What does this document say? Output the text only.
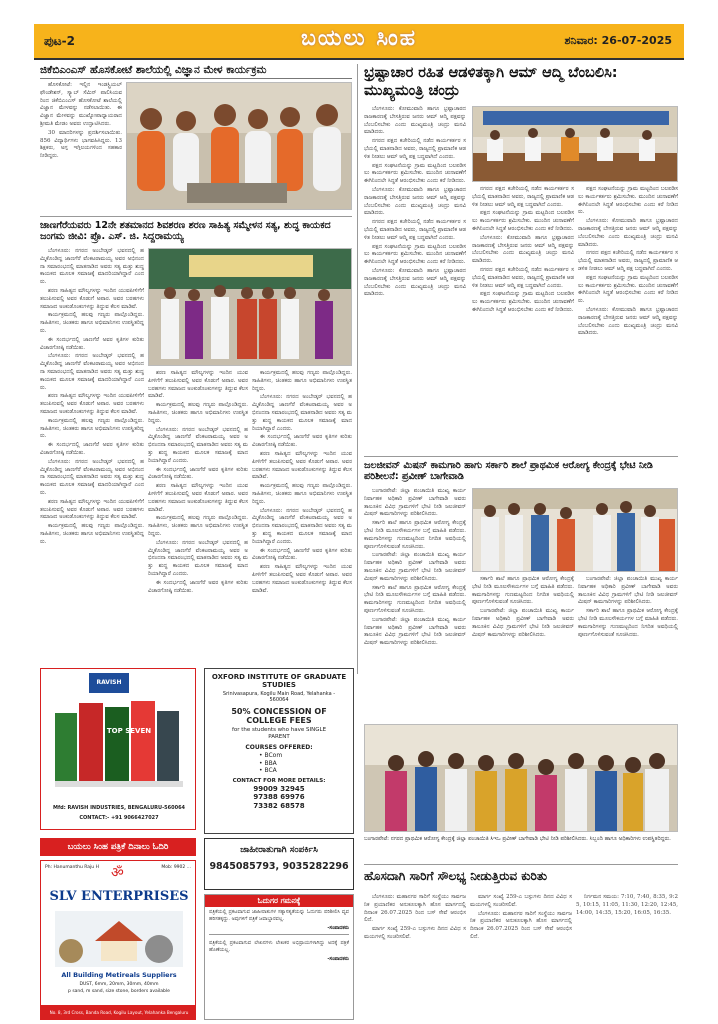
ಪುಟ-2	ಬಯಲು ಸಿಂಹ	ಶನಿವಾರ: 26-07-2025
ಜಿಕೆಬಿಎಂಎಸ್ ಹೊಸಕೋಟೆ ಶಾಲೆಯಲ್ಲಿ ವಿಜ್ಞಾನ ಮೇಳ ಕಾರ್ಯಕ್ರಮ

ಹೊಸಕೋಟೆ: ಇಲ್ಲಿನ ಇಂಡಸ್ಟ್ರಿಯಲ್ ಫೌಂಡೇಶನ್, ಸ್ಕ್ಯಾಬ್ ಸೆಮಿನ್ ಪಾಲಿಸಿಯವರಿಂದ ಜಿಕೆಬಿಎಂಎಸ್ ಹೊಸಕೋಟೆ ಶಾಲೆಯಲ್ಲಿ ವಿಜ್ಞಾನ ಮೇಳವನ್ನು ನಡೆಸಲಾಯಿತು. ಈ ವಿಜ್ಞಾನ ಮೇಳವನ್ನು ಮುಖ್ಯೋಪಾಧ್ಯಾಯರಾದ ಶ್ರೀಮತಿ ಮೇಡಂ ಅವರು ಉದ್ಘಾಟಿಸಿದರು.

30 ಮಾದರಿಗಳನ್ನು ಪ್ರದರ್ಶಿಸಲಾಯಿತು. 856 ವಿದ್ಯಾರ್ಥಿಗಳು ಭಾಗವಹಿಸಿದ್ದರು. 13 ಶಿಕ್ಷಕರು, ಅಗ್ಗ ಇಗ್ಗಿಲಯಗಳಿಂದ ಸಹಕಾರ ನೀಡಿದ್ದರು.

ಜಾಣಗೆರೆಯವರು 12ನೇ ಶತಮಾನದ ಶಿವಶರಣ ಶರಣ ಸಾಹಿತ್ಯ ಸಮ್ಮೇಳನ ಸತ್ಯ, ಶುದ್ಧ ಕಾಯಕದ ಜಂಗಮ ಜೀವಿ: ಪ್ರೊ. ಎಸ್. ಜಿ. ಸಿದ್ದರಾಮಯ್ಯ

ಬೆಂಗಳೂರು: ನಗರದ ಅಂಬೇಡ್ಕರ್ ಭವನದಲ್ಲಿ ಹಮ್ಮಿಕೊಂಡಿದ್ದ ಜಾಣಗೆರೆ ವೆಂಕಟರಾಮಯ್ಯ ಅವರ ಅಭಿನಂದನಾ ಸಮಾರಂಭದಲ್ಲಿ ಮಾತನಾಡಿದ ಅವರು ಸತ್ಯ ಮತ್ತು ಶುದ್ಧ ಕಾಯಕದ ಮೂಲಕ ಸಮಾಜಕ್ಕೆ ಮಾದರಿಯಾಗಿದ್ದಾರೆ ಎಂದರು.

ಶರಣ ಸಾಹಿತ್ಯದ ಮೌಲ್ಯಗಳನ್ನು ಇಂದಿನ ಯುವಪೀಳಿಗೆಗೆ ತಲುಪಿಸುವಲ್ಲಿ ಅವರ ಕೊಡುಗೆ ಅಪಾರ. ಅವರ ಬರಹಗಳು ಸಮಾಜದ ಅಂಕುಡೊಂಕುಗಳನ್ನು ತಿದ್ದುವ ಕೆಲಸ ಮಾಡಿವೆ.

ಕಾರ್ಯಕ್ರಮದಲ್ಲಿ ಹಲವು ಗಣ್ಯರು ಪಾಲ್ಗೊಂಡಿದ್ದರು. ಸಾಹಿತಿಗಳು, ಚಿಂತಕರು ಹಾಗೂ ಅಭಿಮಾನಿಗಳು ಉಪಸ್ಥಿತರಿದ್ದರು.

ಈ ಸಂದರ್ಭದಲ್ಲಿ ಜಾಣಗೆರೆ ಅವರ ಕೃತಿಗಳ ಕುರಿತು ವಿಚಾರಗೋಷ್ಠಿ ನಡೆಯಿತು.

ಬೆಂಗಳೂರು: ನಗರದ ಅಂಬೇಡ್ಕರ್ ಭವನದಲ್ಲಿ ಹಮ್ಮಿಕೊಂಡಿದ್ದ ಜಾಣಗೆರೆ ವೆಂಕಟರಾಮಯ್ಯ ಅವರ ಅಭಿನಂದನಾ ಸಮಾರಂಭದಲ್ಲಿ ಮಾತನಾಡಿದ ಅವರು ಸತ್ಯ ಮತ್ತು ಶುದ್ಧ ಕಾಯಕದ ಮೂಲಕ ಸಮಾಜಕ್ಕೆ ಮಾದರಿಯಾಗಿದ್ದಾರೆ ಎಂದರು.

ಶರಣ ಸಾಹಿತ್ಯದ ಮೌಲ್ಯಗಳನ್ನು ಇಂದಿನ ಯುವಪೀಳಿಗೆಗೆ ತಲುಪಿಸುವಲ್ಲಿ ಅವರ ಕೊಡುಗೆ ಅಪಾರ. ಅವರ ಬರಹಗಳು ಸಮಾಜದ ಅಂಕುಡೊಂಕುಗಳನ್ನು ತಿದ್ದುವ ಕೆಲಸ ಮಾಡಿವೆ.

ಕಾರ್ಯಕ್ರಮದಲ್ಲಿ ಹಲವು ಗಣ್ಯರು ಪಾಲ್ಗೊಂಡಿದ್ದರು. ಸಾಹಿತಿಗಳು, ಚಿಂತಕರು ಹಾಗೂ ಅಭಿಮಾನಿಗಳು ಉಪಸ್ಥಿತರಿದ್ದರು.

ಈ ಸಂದರ್ಭದಲ್ಲಿ ಜಾಣಗೆರೆ ಅವರ ಕೃತಿಗಳ ಕುರಿತು ವಿಚಾರಗೋಷ್ಠಿ ನಡೆಯಿತು.

ಬೆಂಗಳೂರು: ನಗರದ ಅಂಬೇಡ್ಕರ್ ಭವನದಲ್ಲಿ ಹಮ್ಮಿಕೊಂಡಿದ್ದ ಜಾಣಗೆರೆ ವೆಂಕಟರಾಮಯ್ಯ ಅವರ ಅಭಿನಂದನಾ ಸಮಾರಂಭದಲ್ಲಿ ಮಾತನಾಡಿದ ಅವರು ಸತ್ಯ ಮತ್ತು ಶುದ್ಧ ಕಾಯಕದ ಮೂಲಕ ಸಮಾಜಕ್ಕೆ ಮಾದರಿಯಾಗಿದ್ದಾರೆ ಎಂದರು.

ಶರಣ ಸಾಹಿತ್ಯದ ಮೌಲ್ಯಗಳನ್ನು ಇಂದಿನ ಯುವಪೀಳಿಗೆಗೆ ತಲುಪಿಸುವಲ್ಲಿ ಅವರ ಕೊಡುಗೆ ಅಪಾರ. ಅವರ ಬರಹಗಳು ಸಮಾಜದ ಅಂಕುಡೊಂಕುಗಳನ್ನು ತಿದ್ದುವ ಕೆಲಸ ಮಾಡಿವೆ.

ಕಾರ್ಯಕ್ರಮದಲ್ಲಿ ಹಲವು ಗಣ್ಯರು ಪಾಲ್ಗೊಂಡಿದ್ದರು. ಸಾಹಿತಿಗಳು, ಚಿಂತಕರು ಹಾಗೂ ಅಭಿಮಾನಿಗಳು ಉಪಸ್ಥಿತರಿದ್ದರು.

ಶರಣ ಸಾಹಿತ್ಯದ ಮೌಲ್ಯಗಳನ್ನು ಇಂದಿನ ಯುವಪೀಳಿಗೆಗೆ ತಲುಪಿಸುವಲ್ಲಿ ಅವರ ಕೊಡುಗೆ ಅಪಾರ. ಅವರ ಬರಹಗಳು ಸಮಾಜದ ಅಂಕುಡೊಂಕುಗಳನ್ನು ತಿದ್ದುವ ಕೆಲಸ ಮಾಡಿವೆ.

ಕಾರ್ಯಕ್ರಮದಲ್ಲಿ ಹಲವು ಗಣ್ಯರು ಪಾಲ್ಗೊಂಡಿದ್ದರು. ಸಾಹಿತಿಗಳು, ಚಿಂತಕರು ಹಾಗೂ ಅಭಿಮಾನಿಗಳು ಉಪಸ್ಥಿತರಿದ್ದರು.

ಬೆಂಗಳೂರು: ನಗರದ ಅಂಬೇಡ್ಕರ್ ಭವನದಲ್ಲಿ ಹಮ್ಮಿಕೊಂಡಿದ್ದ ಜಾಣಗೆರೆ ವೆಂಕಟರಾಮಯ್ಯ ಅವರ ಅಭಿನಂದನಾ ಸಮಾರಂಭದಲ್ಲಿ ಮಾತನಾಡಿದ ಅವರು ಸತ್ಯ ಮತ್ತು ಶುದ್ಧ ಕಾಯಕದ ಮೂಲಕ ಸಮಾಜಕ್ಕೆ ಮಾದರಿಯಾಗಿದ್ದಾರೆ ಎಂದರು.

ಈ ಸಂದರ್ಭದಲ್ಲಿ ಜಾಣಗೆರೆ ಅವರ ಕೃತಿಗಳ ಕುರಿತು ವಿಚಾರಗೋಷ್ಠಿ ನಡೆಯಿತು.

ಶರಣ ಸಾಹಿತ್ಯದ ಮೌಲ್ಯಗಳನ್ನು ಇಂದಿನ ಯುವಪೀಳಿಗೆಗೆ ತಲುಪಿಸುವಲ್ಲಿ ಅವರ ಕೊಡುಗೆ ಅಪಾರ. ಅವರ ಬರಹಗಳು ಸಮಾಜದ ಅಂಕುಡೊಂಕುಗಳನ್ನು ತಿದ್ದುವ ಕೆಲಸ ಮಾಡಿವೆ.

ಕಾರ್ಯಕ್ರಮದಲ್ಲಿ ಹಲವು ಗಣ್ಯರು ಪಾಲ್ಗೊಂಡಿದ್ದರು. ಸಾಹಿತಿಗಳು, ಚಿಂತಕರು ಹಾಗೂ ಅಭಿಮಾನಿಗಳು ಉಪಸ್ಥಿತರಿದ್ದರು.

ಬೆಂಗಳೂರು: ನಗರದ ಅಂಬೇಡ್ಕರ್ ಭವನದಲ್ಲಿ ಹಮ್ಮಿಕೊಂಡಿದ್ದ ಜಾಣಗೆರೆ ವೆಂಕಟರಾಮಯ್ಯ ಅವರ ಅಭಿನಂದನಾ ಸಮಾರಂಭದಲ್ಲಿ ಮಾತನಾಡಿದ ಅವರು ಸತ್ಯ ಮತ್ತು ಶುದ್ಧ ಕಾಯಕದ ಮೂಲಕ ಸಮಾಜಕ್ಕೆ ಮಾದರಿಯಾಗಿದ್ದಾರೆ ಎಂದರು.

ಈ ಸಂದರ್ಭದಲ್ಲಿ ಜಾಣಗೆರೆ ಅವರ ಕೃತಿಗಳ ಕುರಿತು ವಿಚಾರಗೋಷ್ಠಿ ನಡೆಯಿತು.

ಕಾರ್ಯಕ್ರಮದಲ್ಲಿ ಹಲವು ಗಣ್ಯರು ಪಾಲ್ಗೊಂಡಿದ್ದರು. ಸಾಹಿತಿಗಳು, ಚಿಂತಕರು ಹಾಗೂ ಅಭಿಮಾನಿಗಳು ಉಪಸ್ಥಿತರಿದ್ದರು.

ಬೆಂಗಳೂರು: ನಗರದ ಅಂಬೇಡ್ಕರ್ ಭವನದಲ್ಲಿ ಹಮ್ಮಿಕೊಂಡಿದ್ದ ಜಾಣಗೆರೆ ವೆಂಕಟರಾಮಯ್ಯ ಅವರ ಅಭಿನಂದನಾ ಸಮಾರಂಭದಲ್ಲಿ ಮಾತನಾಡಿದ ಅವರು ಸತ್ಯ ಮತ್ತು ಶುದ್ಧ ಕಾಯಕದ ಮೂಲಕ ಸಮಾಜಕ್ಕೆ ಮಾದರಿಯಾಗಿದ್ದಾರೆ ಎಂದರು.

ಈ ಸಂದರ್ಭದಲ್ಲಿ ಜಾಣಗೆರೆ ಅವರ ಕೃತಿಗಳ ಕುರಿತು ವಿಚಾರಗೋಷ್ಠಿ ನಡೆಯಿತು.

ಶರಣ ಸಾಹಿತ್ಯದ ಮೌಲ್ಯಗಳನ್ನು ಇಂದಿನ ಯುವಪೀಳಿಗೆಗೆ ತಲುಪಿಸುವಲ್ಲಿ ಅವರ ಕೊಡುಗೆ ಅಪಾರ. ಅವರ ಬರಹಗಳು ಸಮಾಜದ ಅಂಕುಡೊಂಕುಗಳನ್ನು ತಿದ್ದುವ ಕೆಲಸ ಮಾಡಿವೆ.

ಕಾರ್ಯಕ್ರಮದಲ್ಲಿ ಹಲವು ಗಣ್ಯರು ಪಾಲ್ಗೊಂಡಿದ್ದರು. ಸಾಹಿತಿಗಳು, ಚಿಂತಕರು ಹಾಗೂ ಅಭಿಮಾನಿಗಳು ಉಪಸ್ಥಿತರಿದ್ದರು.

ಬೆಂಗಳೂರು: ನಗರದ ಅಂಬೇಡ್ಕರ್ ಭವನದಲ್ಲಿ ಹಮ್ಮಿಕೊಂಡಿದ್ದ ಜಾಣಗೆರೆ ವೆಂಕಟರಾಮಯ್ಯ ಅವರ ಅಭಿನಂದನಾ ಸಮಾರಂಭದಲ್ಲಿ ಮಾತನಾಡಿದ ಅವರು ಸತ್ಯ ಮತ್ತು ಶುದ್ಧ ಕಾಯಕದ ಮೂಲಕ ಸಮಾಜಕ್ಕೆ ಮಾದರಿಯಾಗಿದ್ದಾರೆ ಎಂದರು.

ಈ ಸಂದರ್ಭದಲ್ಲಿ ಜಾಣಗೆರೆ ಅವರ ಕೃತಿಗಳ ಕುರಿತು ವಿಚಾರಗೋಷ್ಠಿ ನಡೆಯಿತು.

ಶರಣ ಸಾಹಿತ್ಯದ ಮೌಲ್ಯಗಳನ್ನು ಇಂದಿನ ಯುವಪೀಳಿಗೆಗೆ ತಲುಪಿಸುವಲ್ಲಿ ಅವರ ಕೊಡುಗೆ ಅಪಾರ. ಅವರ ಬರಹಗಳು ಸಮಾಜದ ಅಂಕುಡೊಂಕುಗಳನ್ನು ತಿದ್ದುವ ಕೆಲಸ ಮಾಡಿವೆ.

ಭ್ರಷ್ಟಾಚಾರ ರಹಿತ ಆಡಳಿತಕ್ಕಾಗಿ ಆಮ್ ಆದ್ಮಿ ಬೆಂಬಲಿಸಿ: ಮುಖ್ಯಮಂತ್ರಿ ಚಂದ್ರು

ಬೆಂಗಳೂರು: ಕೋಮುವಾದಿ ಹಾಗೂ ಭ್ರಷ್ಟಾಚಾರದ ರಾಜಕಾರಣಕ್ಕೆ ಬೇಸತ್ತಿರುವ ಜನರು ಆಮ್ ಆದ್ಮಿ ಪಕ್ಷವನ್ನು ಬೆಂಬಲಿಸಬೇಕು ಎಂದು ಮುಖ್ಯಮಂತ್ರಿ ಚಂದ್ರು ಮನವಿ ಮಾಡಿದರು.

ನಗರದ ಪಕ್ಷದ ಕಚೇರಿಯಲ್ಲಿ ನಡೆದ ಕಾರ್ಯಕರ್ತರ ಸಭೆಯಲ್ಲಿ ಮಾತನಾಡಿದ ಅವರು, ರಾಜ್ಯದಲ್ಲಿ ಪ್ರಾಮಾಣಿಕ ಆಡಳಿತ ನೀಡಲು ಆಮ್ ಆದ್ಮಿ ಪಕ್ಷ ಬದ್ಧವಾಗಿದೆ ಎಂದರು.

ಪಕ್ಷದ ಸಂಘಟನೆಯನ್ನು ಗ್ರಾಮ ಮಟ್ಟದಿಂದ ಬಲಪಡಿಸಲು ಕಾರ್ಯಕರ್ತರು ಶ್ರಮಿಸಬೇಕು. ಮುಂದಿನ ಚುನಾವಣೆಗೆ ಈಗಿನಿಂದಲೇ ಸಿದ್ಧತೆ ಆರಂಭಿಸಬೇಕು ಎಂದು ಕರೆ ನೀಡಿದರು.

ಬೆಂಗಳೂರು: ಕೋಮುವಾದಿ ಹಾಗೂ ಭ್ರಷ್ಟಾಚಾರದ ರಾಜಕಾರಣಕ್ಕೆ ಬೇಸತ್ತಿರುವ ಜನರು ಆಮ್ ಆದ್ಮಿ ಪಕ್ಷವನ್ನು ಬೆಂಬಲಿಸಬೇಕು ಎಂದು ಮುಖ್ಯಮಂತ್ರಿ ಚಂದ್ರು ಮನವಿ ಮಾಡಿದರು.

ನಗರದ ಪಕ್ಷದ ಕಚೇರಿಯಲ್ಲಿ ನಡೆದ ಕಾರ್ಯಕರ್ತರ ಸಭೆಯಲ್ಲಿ ಮಾತನಾಡಿದ ಅವರು, ರಾಜ್ಯದಲ್ಲಿ ಪ್ರಾಮಾಣಿಕ ಆಡಳಿತ ನೀಡಲು ಆಮ್ ಆದ್ಮಿ ಪಕ್ಷ ಬದ್ಧವಾಗಿದೆ ಎಂದರು.

ಪಕ್ಷದ ಸಂಘಟನೆಯನ್ನು ಗ್ರಾಮ ಮಟ್ಟದಿಂದ ಬಲಪಡಿಸಲು ಕಾರ್ಯಕರ್ತರು ಶ್ರಮಿಸಬೇಕು. ಮುಂದಿನ ಚುನಾವಣೆಗೆ ಈಗಿನಿಂದಲೇ ಸಿದ್ಧತೆ ಆರಂಭಿಸಬೇಕು ಎಂದು ಕರೆ ನೀಡಿದರು.

ಬೆಂಗಳೂರು: ಕೋಮುವಾದಿ ಹಾಗೂ ಭ್ರಷ್ಟಾಚಾರದ ರಾಜಕಾರಣಕ್ಕೆ ಬೇಸತ್ತಿರುವ ಜನರು ಆಮ್ ಆದ್ಮಿ ಪಕ್ಷವನ್ನು ಬೆಂಬಲಿಸಬೇಕು ಎಂದು ಮುಖ್ಯಮಂತ್ರಿ ಚಂದ್ರು ಮನವಿ ಮಾಡಿದರು.

ನಗರದ ಪಕ್ಷದ ಕಚೇರಿಯಲ್ಲಿ ನಡೆದ ಕಾರ್ಯಕರ್ತರ ಸಭೆಯಲ್ಲಿ ಮಾತನಾಡಿದ ಅವರು, ರಾಜ್ಯದಲ್ಲಿ ಪ್ರಾಮಾಣಿಕ ಆಡಳಿತ ನೀಡಲು ಆಮ್ ಆದ್ಮಿ ಪಕ್ಷ ಬದ್ಧವಾಗಿದೆ ಎಂದರು.

ಪಕ್ಷದ ಸಂಘಟನೆಯನ್ನು ಗ್ರಾಮ ಮಟ್ಟದಿಂದ ಬಲಪಡಿಸಲು ಕಾರ್ಯಕರ್ತರು ಶ್ರಮಿಸಬೇಕು. ಮುಂದಿನ ಚುನಾವಣೆಗೆ ಈಗಿನಿಂದಲೇ ಸಿದ್ಧತೆ ಆರಂಭಿಸಬೇಕು ಎಂದು ಕರೆ ನೀಡಿದರು.

ಬೆಂಗಳೂರು: ಕೋಮುವಾದಿ ಹಾಗೂ ಭ್ರಷ್ಟಾಚಾರದ ರಾಜಕಾರಣಕ್ಕೆ ಬೇಸತ್ತಿರುವ ಜನರು ಆಮ್ ಆದ್ಮಿ ಪಕ್ಷವನ್ನು ಬೆಂಬಲಿಸಬೇಕು ಎಂದು ಮುಖ್ಯಮಂತ್ರಿ ಚಂದ್ರು ಮನವಿ ಮಾಡಿದರು.

ನಗರದ ಪಕ್ಷದ ಕಚೇರಿಯಲ್ಲಿ ನಡೆದ ಕಾರ್ಯಕರ್ತರ ಸಭೆಯಲ್ಲಿ ಮಾತನಾಡಿದ ಅವರು, ರಾಜ್ಯದಲ್ಲಿ ಪ್ರಾಮಾಣಿಕ ಆಡಳಿತ ನೀಡಲು ಆಮ್ ಆದ್ಮಿ ಪಕ್ಷ ಬದ್ಧವಾಗಿದೆ ಎಂದರು.

ಪಕ್ಷದ ಸಂಘಟನೆಯನ್ನು ಗ್ರಾಮ ಮಟ್ಟದಿಂದ ಬಲಪಡಿಸಲು ಕಾರ್ಯಕರ್ತರು ಶ್ರಮಿಸಬೇಕು. ಮುಂದಿನ ಚುನಾವಣೆಗೆ ಈಗಿನಿಂದಲೇ ಸಿದ್ಧತೆ ಆರಂಭಿಸಬೇಕು ಎಂದು ಕರೆ ನೀಡಿದರು.

ಪಕ್ಷದ ಸಂಘಟನೆಯನ್ನು ಗ್ರಾಮ ಮಟ್ಟದಿಂದ ಬಲಪಡಿಸಲು ಕಾರ್ಯಕರ್ತರು ಶ್ರಮಿಸಬೇಕು. ಮುಂದಿನ ಚುನಾವಣೆಗೆ ಈಗಿನಿಂದಲೇ ಸಿದ್ಧತೆ ಆರಂಭಿಸಬೇಕು ಎಂದು ಕರೆ ನೀಡಿದರು.

ಬೆಂಗಳೂರು: ಕೋಮುವಾದಿ ಹಾಗೂ ಭ್ರಷ್ಟಾಚಾರದ ರಾಜಕಾರಣಕ್ಕೆ ಬೇಸತ್ತಿರುವ ಜನರು ಆಮ್ ಆದ್ಮಿ ಪಕ್ಷವನ್ನು ಬೆಂಬಲಿಸಬೇಕು ಎಂದು ಮುಖ್ಯಮಂತ್ರಿ ಚಂದ್ರು ಮನವಿ ಮಾಡಿದರು.

ನಗರದ ಪಕ್ಷದ ಕಚೇರಿಯಲ್ಲಿ ನಡೆದ ಕಾರ್ಯಕರ್ತರ ಸಭೆಯಲ್ಲಿ ಮಾತನಾಡಿದ ಅವರು, ರಾಜ್ಯದಲ್ಲಿ ಪ್ರಾಮಾಣಿಕ ಆಡಳಿತ ನೀಡಲು ಆಮ್ ಆದ್ಮಿ ಪಕ್ಷ ಬದ್ಧವಾಗಿದೆ ಎಂದರು.

ಪಕ್ಷದ ಸಂಘಟನೆಯನ್ನು ಗ್ರಾಮ ಮಟ್ಟದಿಂದ ಬಲಪಡಿಸಲು ಕಾರ್ಯಕರ್ತರು ಶ್ರಮಿಸಬೇಕು. ಮುಂದಿನ ಚುನಾವಣೆಗೆ ಈಗಿನಿಂದಲೇ ಸಿದ್ಧತೆ ಆರಂಭಿಸಬೇಕು ಎಂದು ಕರೆ ನೀಡಿದರು.

ಬೆಂಗಳೂರು: ಕೋಮುವಾದಿ ಹಾಗೂ ಭ್ರಷ್ಟಾಚಾರದ ರಾಜಕಾರಣಕ್ಕೆ ಬೇಸತ್ತಿರುವ ಜನರು ಆಮ್ ಆದ್ಮಿ ಪಕ್ಷವನ್ನು ಬೆಂಬಲಿಸಬೇಕು ಎಂದು ಮುಖ್ಯಮಂತ್ರಿ ಚಂದ್ರು ಮನವಿ ಮಾಡಿದರು.

ಜಲಜೀವನ್ ಮಿಷನ್ ಕಾಮಗಾರಿ ಹಾಗು ಸರ್ಕಾರಿ ಶಾಲೆ ಪ್ರಾಥಮಿಕ ಆರೋಗ್ಯ ಕೇಂದ್ರಕ್ಕೆ ಭೇಟಿ ನೀಡಿ ಪರಿಶೀಲನೆ: ಪ್ರವೀಣ್ ಬಾಗೇವಾಡಿ

ಬಂಗಾರಪೇಟೆ: ಜಿಲ್ಲಾ ಪಂಚಾಯಿತಿ ಮುಖ್ಯ ಕಾರ್ಯನಿರ್ವಾಹಕ ಅಧಿಕಾರಿ ಪ್ರವೀಣ್ ಬಾಗೇವಾಡಿ ಅವರು ತಾಲೂಕಿನ ವಿವಿಧ ಗ್ರಾಮಗಳಿಗೆ ಭೇಟಿ ನೀಡಿ ಜಲಜೀವನ್ ಮಿಷನ್ ಕಾಮಗಾರಿಗಳನ್ನು ಪರಿಶೀಲಿಸಿದರು.

ಸರ್ಕಾರಿ ಶಾಲೆ ಹಾಗೂ ಪ್ರಾಥಮಿಕ ಆರೋಗ್ಯ ಕೇಂದ್ರಕ್ಕೆ ಭೇಟಿ ನೀಡಿ ಮೂಲಸೌಕರ್ಯಗಳ ಬಗ್ಗೆ ಮಾಹಿತಿ ಪಡೆದರು. ಕಾಮಗಾರಿಗಳನ್ನು ಗುಣಮಟ್ಟದಿಂದ ನಿಗದಿತ ಅವಧಿಯಲ್ಲಿ ಪೂರ್ಣಗೊಳಿಸುವಂತೆ ಸೂಚಿಸಿದರು.

ಬಂಗಾರಪೇಟೆ: ಜಿಲ್ಲಾ ಪಂಚಾಯಿತಿ ಮುಖ್ಯ ಕಾರ್ಯನಿರ್ವಾಹಕ ಅಧಿಕಾರಿ ಪ್ರವೀಣ್ ಬಾಗೇವಾಡಿ ಅವರು ತಾಲೂಕಿನ ವಿವಿಧ ಗ್ರಾಮಗಳಿಗೆ ಭೇಟಿ ನೀಡಿ ಜಲಜೀವನ್ ಮಿಷನ್ ಕಾಮಗಾರಿಗಳನ್ನು ಪರಿಶೀಲಿಸಿದರು.

ಸರ್ಕಾರಿ ಶಾಲೆ ಹಾಗೂ ಪ್ರಾಥಮಿಕ ಆರೋಗ್ಯ ಕೇಂದ್ರಕ್ಕೆ ಭೇಟಿ ನೀಡಿ ಮೂಲಸೌಕರ್ಯಗಳ ಬಗ್ಗೆ ಮಾಹಿತಿ ಪಡೆದರು. ಕಾಮಗಾರಿಗಳನ್ನು ಗುಣಮಟ್ಟದಿಂದ ನಿಗದಿತ ಅವಧಿಯಲ್ಲಿ ಪೂರ್ಣಗೊಳಿಸುವಂತೆ ಸೂಚಿಸಿದರು.

ಬಂಗಾರಪೇಟೆ: ಜಿಲ್ಲಾ ಪಂಚಾಯಿತಿ ಮುಖ್ಯ ಕಾರ್ಯನಿರ್ವಾಹಕ ಅಧಿಕಾರಿ ಪ್ರವೀಣ್ ಬಾಗೇವಾಡಿ ಅವರು ತಾಲೂಕಿನ ವಿವಿಧ ಗ್ರಾಮಗಳಿಗೆ ಭೇಟಿ ನೀಡಿ ಜಲಜೀವನ್ ಮಿಷನ್ ಕಾಮಗಾರಿಗಳನ್ನು ಪರಿಶೀಲಿಸಿದರು.

ಸರ್ಕಾರಿ ಶಾಲೆ ಹಾಗೂ ಪ್ರಾಥಮಿಕ ಆರೋಗ್ಯ ಕೇಂದ್ರಕ್ಕೆ ಭೇಟಿ ನೀಡಿ ಮೂಲಸೌಕರ್ಯಗಳ ಬಗ್ಗೆ ಮಾಹಿತಿ ಪಡೆದರು. ಕಾಮಗಾರಿಗಳನ್ನು ಗುಣಮಟ್ಟದಿಂದ ನಿಗದಿತ ಅವಧಿಯಲ್ಲಿ ಪೂರ್ಣಗೊಳಿಸುವಂತೆ ಸೂಚಿಸಿದರು.

ಬಂಗಾರಪೇಟೆ: ಜಿಲ್ಲಾ ಪಂಚಾಯಿತಿ ಮುಖ್ಯ ಕಾರ್ಯನಿರ್ವಾಹಕ ಅಧಿಕಾರಿ ಪ್ರವೀಣ್ ಬಾಗೇವಾಡಿ ಅವರು ತಾಲೂಕಿನ ವಿವಿಧ ಗ್ರಾಮಗಳಿಗೆ ಭೇಟಿ ನೀಡಿ ಜಲಜೀವನ್ ಮಿಷನ್ ಕಾಮಗಾರಿಗಳನ್ನು ಪರಿಶೀಲಿಸಿದರು.

ಬಂಗಾರಪೇಟೆ: ಜಿಲ್ಲಾ ಪಂಚಾಯಿತಿ ಮುಖ್ಯ ಕಾರ್ಯನಿರ್ವಾಹಕ ಅಧಿಕಾರಿ ಪ್ರವೀಣ್ ಬಾಗೇವಾಡಿ ಅವರು ತಾಲೂಕಿನ ವಿವಿಧ ಗ್ರಾಮಗಳಿಗೆ ಭೇಟಿ ನೀಡಿ ಜಲಜೀವನ್ ಮಿಷನ್ ಕಾಮಗಾರಿಗಳನ್ನು ಪರಿಶೀಲಿಸಿದರು.

ಸರ್ಕಾರಿ ಶಾಲೆ ಹಾಗೂ ಪ್ರಾಥಮಿಕ ಆರೋಗ್ಯ ಕೇಂದ್ರಕ್ಕೆ ಭೇಟಿ ನೀಡಿ ಮೂಲಸೌಕರ್ಯಗಳ ಬಗ್ಗೆ ಮಾಹಿತಿ ಪಡೆದರು. ಕಾಮಗಾರಿಗಳನ್ನು ಗುಣಮಟ್ಟದಿಂದ ನಿಗದಿತ ಅವಧಿಯಲ್ಲಿ ಪೂರ್ಣಗೊಳಿಸುವಂತೆ ಸೂಚಿಸಿದರು.

ಬಂಗಾರಪೇಟೆ: ನಗರದ ಪ್ರಾಥಮಿಕ ಆರೋಗ್ಯ ಕೇಂದ್ರಕ್ಕೆ ಜಿಲ್ಲಾ ಪಂಚಾಯಿತಿ ಸಿಇಒ ಪ್ರವೀಣ್ ಬಾಗೇವಾಡಿ ಭೇಟಿ ನೀಡಿ ಪರಿಶೀಲಿಸಿದರು. ಸಿಬ್ಬಂದಿ ಹಾಗೂ ಅಧಿಕಾರಿಗಳು ಉಪಸ್ಥಿತರಿದ್ದರು.
ಹೊಸದಾಗಿ ಸಾರಿಗೆ ಸೌಲಭ್ಯ ನೀಡುತ್ತಿರುವ ಕುರಿತು

ಬೆಂಗಳೂರು: ಮಹಾನಗರ ಸಾರಿಗೆ ಸಂಸ್ಥೆಯು ಸಾರ್ವಜನಿಕ ಪ್ರಯಾಣಿಕರ ಅನುಕೂಲಕ್ಕಾಗಿ ಹೊಸ ಮಾರ್ಗದಲ್ಲಿ ದಿನಾಂಕ 26.07.2025 ರಿಂದ ಬಸ್ ಸೇವೆ ಆರಂಭಿಸಲಿದೆ.

ಮಾರ್ಗ ಸಂಖ್ಯೆ 259-ಎ ಬಸ್ಸುಗಳು ದಿನದ ವಿವಿಧ ಸಮಯಗಳಲ್ಲಿ ಸಂಚರಿಸಲಿವೆ.

ಮಾರ್ಗ ಸಂಖ್ಯೆ 259-ಎ ಬಸ್ಸುಗಳು ದಿನದ ವಿವಿಧ ಸಮಯಗಳಲ್ಲಿ ಸಂಚರಿಸಲಿವೆ.

ಬೆಂಗಳೂರು: ಮಹಾನಗರ ಸಾರಿಗೆ ಸಂಸ್ಥೆಯು ಸಾರ್ವಜನಿಕ ಪ್ರಯಾಣಿಕರ ಅನುಕೂಲಕ್ಕಾಗಿ ಹೊಸ ಮಾರ್ಗದಲ್ಲಿ ದಿನಾಂಕ 26.07.2025 ರಿಂದ ಬಸ್ ಸೇವೆ ಆರಂಭಿಸಲಿದೆ.

ನಿರ್ಗಮನ ಸಮಯ: 7:10, 7:40, 8:35, 9:25, 10:15, 11:05, 11:30, 12:20, 12:45, 14:00, 14:35, 15:20, 16:05, 16:35.

RAVISH
TOP SEVEN
Mfd: RAVISH INDUSTRIES, BENGALURU-560064
CONTACT:- +91 9066427027
OXFORD INSTITUTE OF GRADUATE STUDIES
Srinivasapura, Kogilu Main Road, Yelahanka - 560064
50% CONCESSION OF COLLEGE FEES
for the students who have SINGLE PARENT
COURSES OFFERED:
• BCom
• BBA
• BCA
CONTACT FOR MORE DETAILS:
99009 32945
97388 69976
73382 68578
ಬಯಲು ಸಿಂಹ ಪತ್ರಿಕೆ ದಿನಾಲು ಓದಿರಿ
Ph: Hanumanthu Raju H ॐ	Mob: 9902 ...
SLV ENTERPRISES
All Building Metireals Suppliers
DUST, 6mm, 20mm, 30mm, 40mm
p sand, m sand, size stone, borders available
No. 8, 3rd Cross, Banda Road, Kogilu Layout, Yelahanka Bengaluru
ಜಾಹೀರಾತುಗಾಗಿ ಸಂಪರ್ಕಿಸಿ
9845085793, 9035282296
ಓದುಗರ ಗಮನಕ್ಕೆ
ಪತ್ರಿಕೆಯಲ್ಲಿ ಪ್ರಕಟವಾಗುವ ಜಾಹೀರಾತುಗಳ ಸತ್ಯಾಸತ್ಯತೆಯನ್ನು ಓದುಗರು ಪರಿಶೀಲಿಸಿ ವ್ಯವಹರಿಸತಕ್ಕದ್ದು. ಅವುಗಳಿಗೆ ಪತ್ರಿಕೆ ಜವಾಬ್ದಾರವಲ್ಲ.
-ಸಂಪಾದಕರು
ಪತ್ರಿಕೆಯಲ್ಲಿ ಪ್ರಕಟವಾಗುವ ಲೇಖನಗಳು ಲೇಖಕರ ಅಭಿಪ್ರಾಯಗಳಾಗಿದ್ದು ಅದಕ್ಕೆ ಪತ್ರಿಕೆ ಹೊಣೆಯಲ್ಲ.
-ಸಂಪಾದಕರು
